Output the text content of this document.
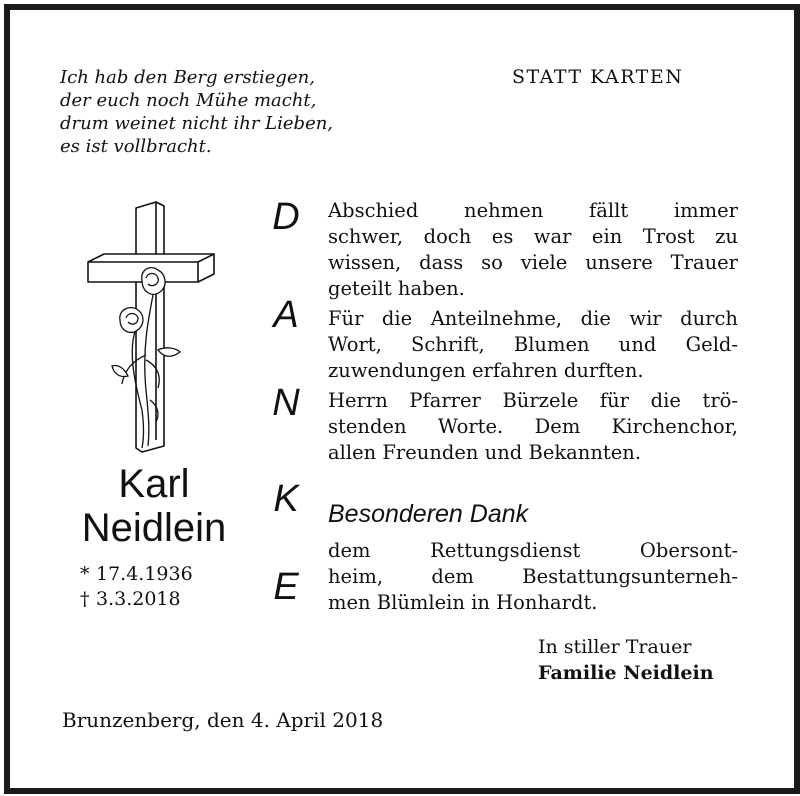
Ich hab den Berg erstiegen,
der euch noch Mühe macht,
drum weinet nicht ihr Lieben,
es ist vollbracht.
STATT KARTEN
Karl
Neidlein
* 17.4.1936
† 3.3.2018
D
A
N
K
E
Abschied nehmen fällt immer
schwer, doch es war ein Trost zu
wissen, dass so viele unsere Trauer
geteilt haben.
Für die Anteilnehme, die wir durch
Wort, Schrift, Blumen und Geld-
zuwendungen erfahren durften.
Herrn Pfarrer Bürzele für die trö-
stenden Worte. Dem Kirchenchor,
allen Freunden und Bekannten.
Besonderen Dank
dem Rettungsdienst Obersont-
heim, dem Bestattungsunterneh-
men Blümlein in Honhardt.
In stiller Trauer
Familie Neidlein
Brunzenberg, den 4. April 2018
